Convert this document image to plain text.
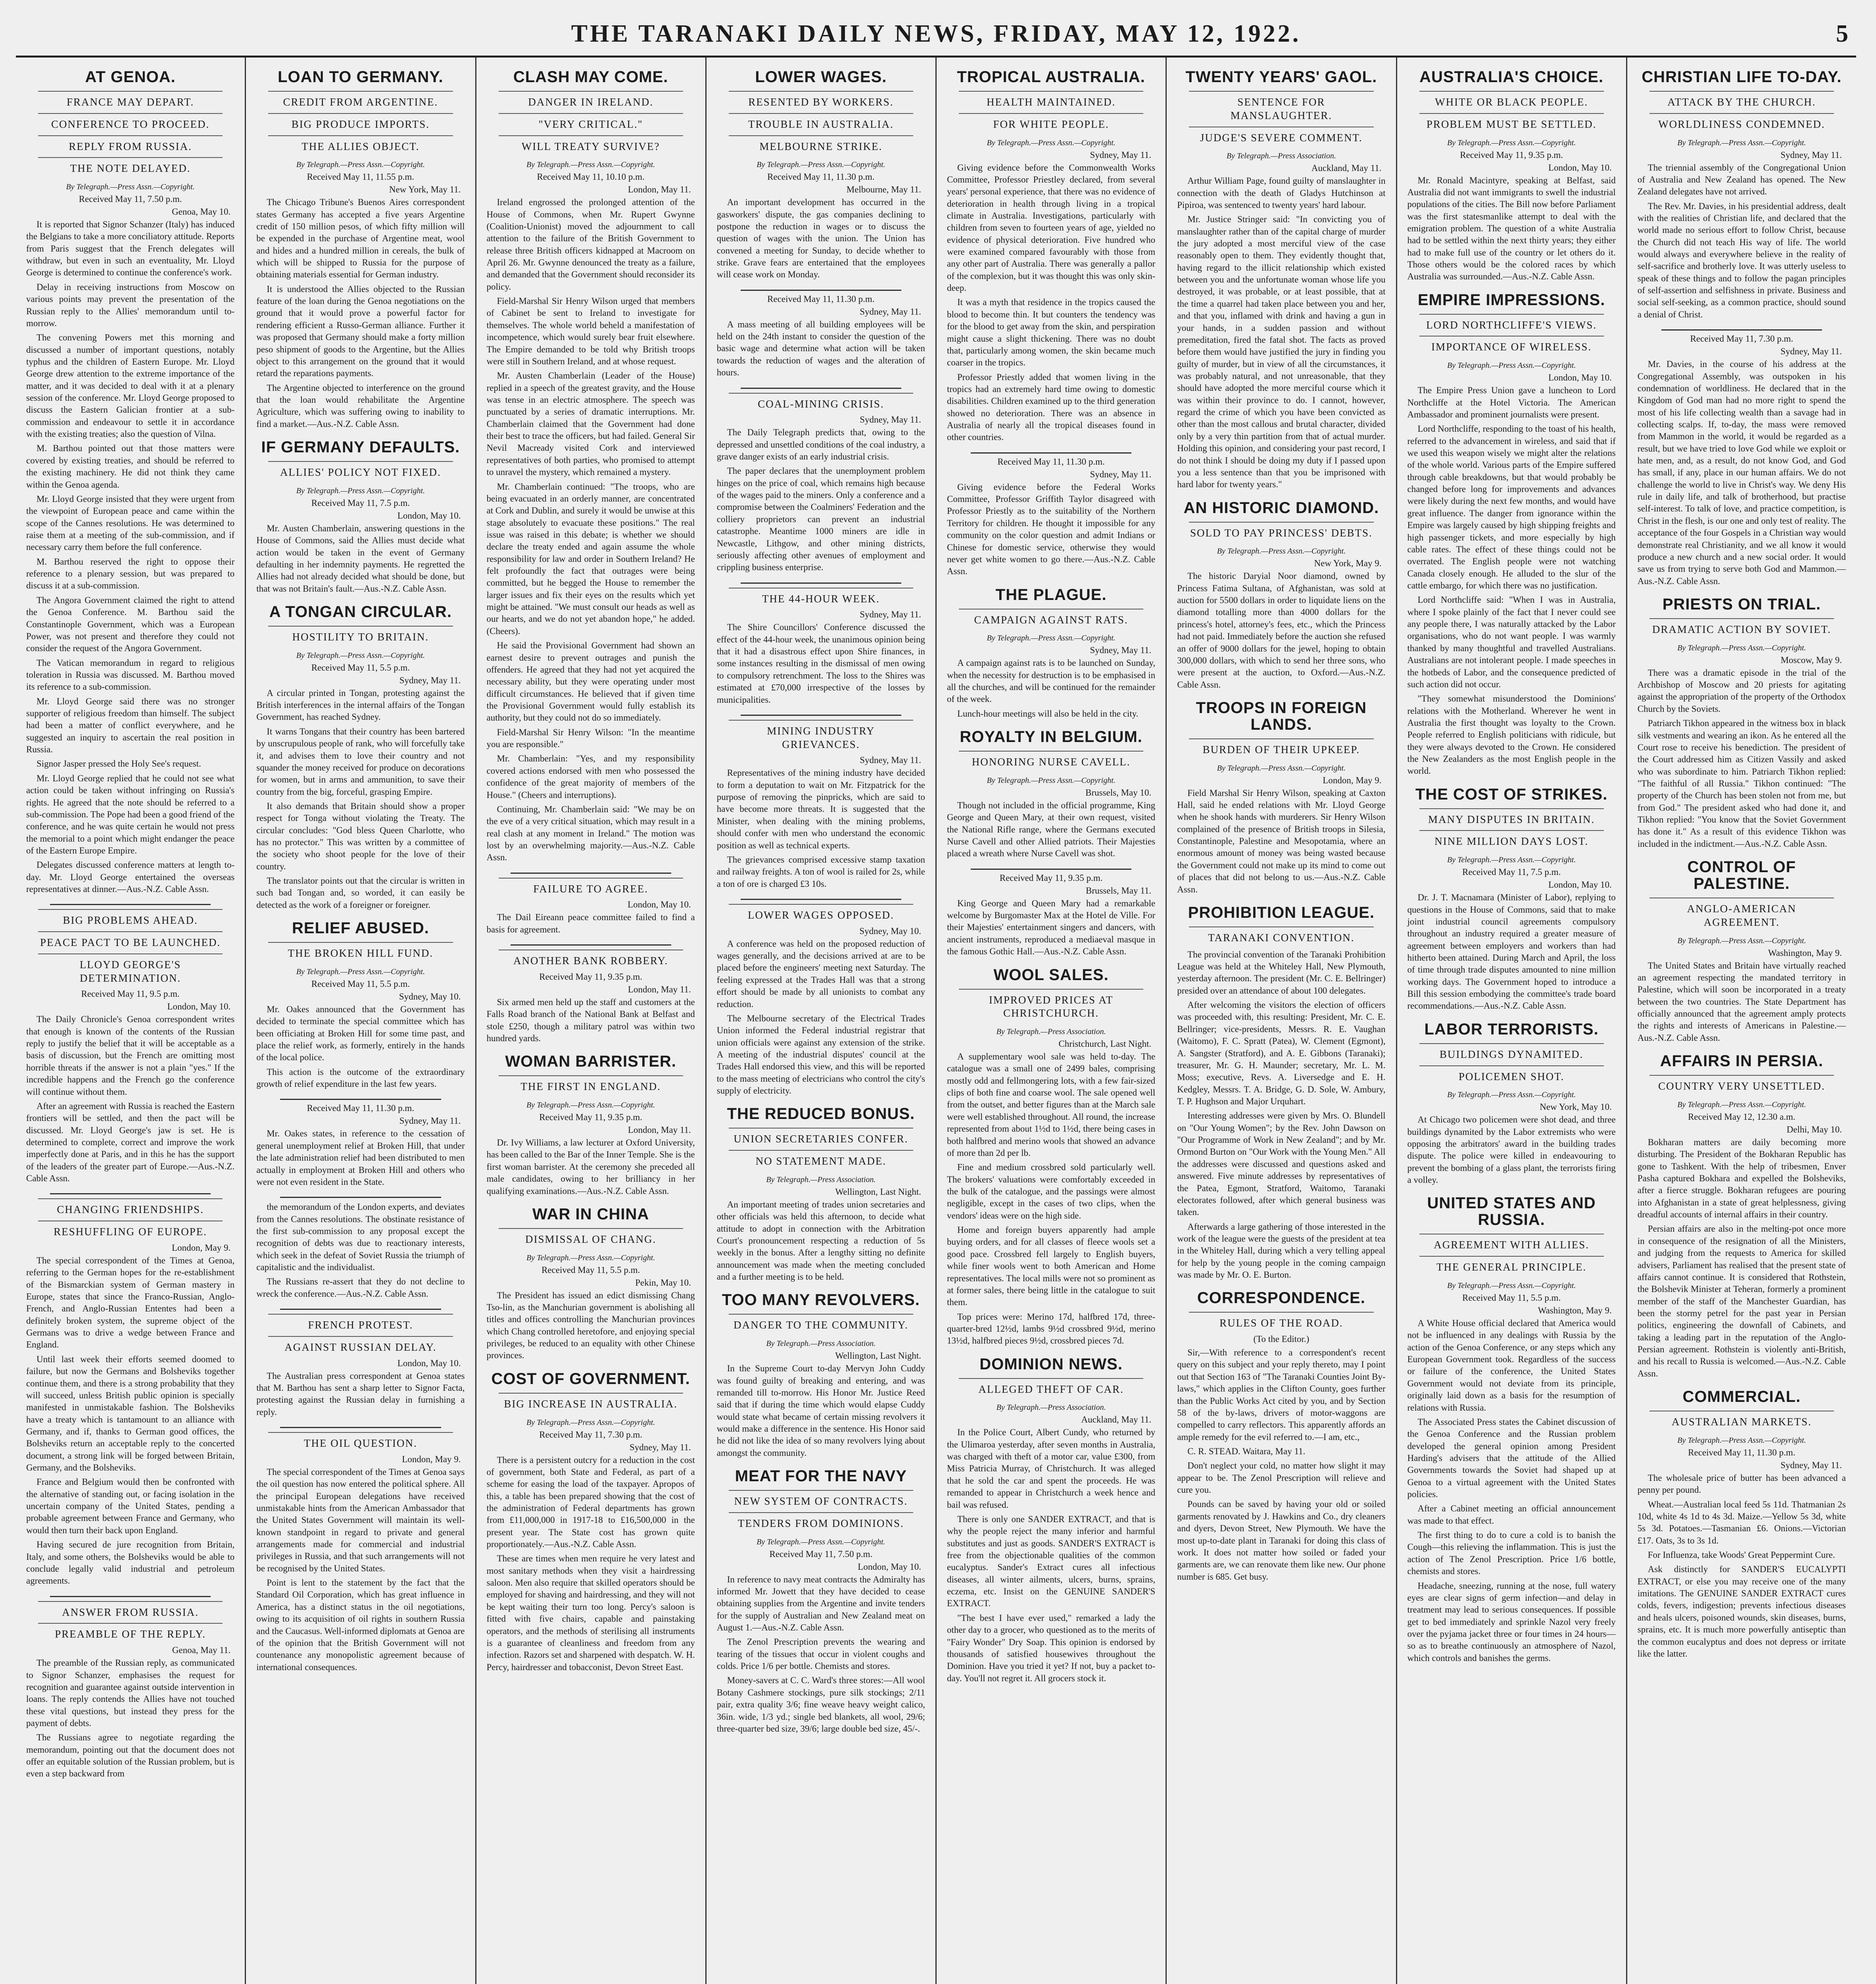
THE TARANAKI DAILY NEWS, FRIDAY, MAY 12, 1922.	5
AT GENOA.
FRANCE MAY DEPART.
CONFERENCE TO PROCEED.
REPLY FROM RUSSIA.
THE NOTE DELAYED.
By Telegraph.—Press Assn.—Copyright.
Received May 11, 7.50 p.m.
Genoa, May 10.

It is reported that Signor Schanzer (Italy) has induced the Belgians to take a more conciliatory attitude. Reports from Paris suggest that the French delegates will withdraw, but even in such an eventuality, Mr. Lloyd George is determined to continue the conference's work.

Delay in receiving instructions from Moscow on various points may prevent the presentation of the Russian reply to the Allies' memorandum until to-morrow.

The convening Powers met this morning and discussed a number of important questions, notably typhus and the children of Eastern Europe. Mr. Lloyd George drew attention to the extreme importance of the matter, and it was decided to deal with it at a plenary session of the conference. Mr. Lloyd George proposed to discuss the Eastern Galician frontier at a sub-commission and endeavour to settle it in accordance with the existing treaties; also the question of Vilna.

M. Barthou pointed out that those matters were covered by existing treaties, and should be referred to the existing machinery. He did not think they came within the Genoa agenda.

Mr. Lloyd George insisted that they were urgent from the viewpoint of European peace and came within the scope of the Cannes resolutions. He was determined to raise them at a meeting of the sub-commission, and if necessary carry them before the full conference.

M. Barthou reserved the right to oppose their reference to a plenary session, but was prepared to discuss it at a sub-commission.

The Angora Government claimed the right to attend the Genoa Conference. M. Barthou said the Constantinople Government, which was a European Power, was not present and therefore they could not consider the request of the Angora Government.

The Vatican memorandum in regard to religious toleration in Russia was discussed. M. Barthou moved its reference to a sub-commission.

Mr. Lloyd George said there was no stronger supporter of religious freedom than himself. The subject had been a matter of conflict everywhere, and he suggested an inquiry to ascertain the real position in Russia.

Signor Jasper pressed the Holy See's request.

Mr. Lloyd George replied that he could not see what action could be taken without infringing on Russia's rights. He agreed that the note should be referred to a sub-commission. The Pope had been a good friend of the conference, and he was quite certain he would not press the memorial to a point which might endanger the peace of the Eastern Europe Empire.

Delegates discussed conference matters at length to-day. Mr. Lloyd George entertained the overseas representatives at dinner.—Aus.-N.Z. Cable Assn.

BIG PROBLEMS AHEAD.
PEACE PACT TO BE LAUNCHED.
LLOYD GEORGE'S DETERMINATION.
Received May 11, 9.5 p.m.
London, May 10.

The Daily Chronicle's Genoa correspondent writes that enough is known of the contents of the Russian reply to justify the belief that it will be acceptable as a basis of discussion, but the French are omitting most horrible threats if the answer is not a plain "yes." If the incredible happens and the French go the conference will continue without them.

After an agreement with Russia is reached the Eastern frontiers will be settled, and then the pact will be discussed. Mr. Lloyd George's jaw is set. He is determined to complete, correct and improve the work imperfectly done at Paris, and in this he has the support of the leaders of the greater part of Europe.—Aus.-N.Z. Cable Assn.

CHANGING FRIENDSHIPS.
RESHUFFLING OF EUROPE.
London, May 9.

The special correspondent of the Times at Genoa, referring to the German hopes for the re-establishment of the Bismarckian system of German mastery in Europe, states that since the Franco-Russian, Anglo-French, and Anglo-Russian Ententes had been a definitely broken system, the supreme object of the Germans was to drive a wedge between France and England.

Until last week their efforts seemed doomed to failure, but now the Germans and Bolsheviks together continue them, and there is a strong probability that they will succeed, unless British public opinion is specially manifested in unmistakable fashion. The Bolsheviks have a treaty which is tantamount to an alliance with Germany, and if, thanks to German good offices, the Bolsheviks return an acceptable reply to the concerted document, a strong link will be forged between Britain, Germany, and the Bolsheviks.

France and Belgium would then be confronted with the alternative of standing out, or facing isolation in the uncertain company of the United States, pending a probable agreement between France and Germany, who would then turn their back upon England.

Having secured de jure recognition from Britain, Italy, and some others, the Bolsheviks would be able to conclude legally valid industrial and petroleum agreements.

ANSWER FROM RUSSIA.
PREAMBLE OF THE REPLY.
Genoa, May 11.

The preamble of the Russian reply, as communicated to Signor Schanzer, emphasises the request for recognition and guarantee against outside intervention in loans. The reply contends the Allies have not touched these vital questions, but instead they press for the payment of debts.

The Russians agree to negotiate regarding the memorandum, pointing out that the document does not offer an equitable solution of the Russian problem, but is even a step backward from

LOAN TO GERMANY.
CREDIT FROM ARGENTINE.
BIG PRODUCE IMPORTS.
THE ALLIES OBJECT.
By Telegraph.—Press Assn.—Copyright.
Received May 11, 11.55 p.m.
New York, May 11.

The Chicago Tribune's Buenos Aires correspondent states Germany has accepted a five years Argentine credit of 150 million pesos, of which fifty million will be expended in the purchase of Argentine meat, wool and hides and a hundred million in cereals, the bulk of which will be shipped to Russia for the purpose of obtaining materials essential for German industry.

It is understood the Allies objected to the Russian feature of the loan during the Genoa negotiations on the ground that it would prove a powerful factor for rendering efficient a Russo-German alliance. Further it was proposed that Germany should make a forty million peso shipment of goods to the Argentine, but the Allies object to this arrangement on the ground that it would retard the reparations payments.

The Argentine objected to interference on the ground that the loan would rehabilitate the Argentine Agriculture, which was suffering owing to inability to find a market.—Aus.-N.Z. Cable Assn.

IF GERMANY DEFAULTS.
ALLIES' POLICY NOT FIXED.
By Telegraph.—Press Assn.—Copyright.
Received May 11, 7.5 p.m.
London, May 10.

Mr. Austen Chamberlain, answering questions in the House of Commons, said the Allies must decide what action would be taken in the event of Germany defaulting in her indemnity payments. He regretted the Allies had not already decided what should be done, but that was not Britain's fault.—Aus.-N.Z. Cable Assn.

A TONGAN CIRCULAR.
HOSTILITY TO BRITAIN.
By Telegraph.—Press Assn.—Copyright.
Received May 11, 5.5 p.m.
Sydney, May 11.

A circular printed in Tongan, protesting against the British interferences in the internal affairs of the Tongan Government, has reached Sydney.

It warns Tongans that their country has been bartered by unscrupulous people of rank, who will forcefully take it, and advises them to love their country and not squander the money received for produce on decorations for women, but in arms and ammunition, to save their country from the big, forceful, grasping Empire.

It also demands that Britain should show a proper respect for Tonga without violating the Treaty. The circular concludes: "God bless Queen Charlotte, who has no protector." This was written by a committee of the society who shoot people for the love of their country.

The translator points out that the circular is written in such bad Tongan and, so worded, it can easily be detected as the work of a foreigner or foreigner.

RELIEF ABUSED.
THE BROKEN HILL FUND.
By Telegraph.—Press Assn.—Copyright.
Received May 11, 5.5 p.m.
Sydney, May 10.

Mr. Oakes announced that the Government has decided to terminate the special committee which has been officiating at Broken Hill for some time past, and place the relief work, as formerly, entirely in the hands of the local police.

This action is the outcome of the extraordinary growth of relief expenditure in the last few years.

Received May 11, 11.30 p.m.
Sydney, May 11.

Mr. Oakes states, in reference to the cessation of general unemployment relief at Broken Hill, that under the late administration relief had been distributed to men actually in employment at Broken Hill and others who were not even resident in the State.

the memorandum of the London experts, and deviates from the Cannes resolutions. The obstinate resistance of the first sub-commission to any proposal except the recognition of debts was due to reactionary interests, which seek in the defeat of Soviet Russia the triumph of capitalistic and the individualist.

The Russians re-assert that they do not decline to wreck the conference.—Aus.-N.Z. Cable Assn.

FRENCH PROTEST.
AGAINST RUSSIAN DELAY.
London, May 10.

The Australian press correspondent at Genoa states that M. Barthou has sent a sharp letter to Signor Facta, protesting against the Russian delay in furnishing a reply.

THE OIL QUESTION.
London, May 9.

The special correspondent of the Times at Genoa says the oil question has now entered the political sphere. All the principal European delegations have received unmistakable hints from the American Ambassador that the United States Government will maintain its well-known standpoint in regard to private and general arrangements made for commercial and industrial privileges in Russia, and that such arrangements will not be recognised by the United States.

Point is lent to the statement by the fact that the Standard Oil Corporation, which has great influence in America, has a distinct status in the oil negotiations, owing to its acquisition of oil rights in southern Russia and the Caucasus. Well-informed diplomats at Genoa are of the opinion that the British Government will not countenance any monopolistic agreement because of international consequences.

CLASH MAY COME.
DANGER IN IRELAND.
"VERY CRITICAL."
WILL TREATY SURVIVE?
By Telegraph.—Press Assn.—Copyright.
Received May 11, 10.10 p.m.
London, May 11.

Ireland engrossed the prolonged attention of the House of Commons, when Mr. Rupert Gwynne (Coalition-Unionist) moved the adjournment to call attention to the failure of the British Government to release three British officers kidnapped at Macroom on April 26. Mr. Gwynne denounced the treaty as a failure, and demanded that the Government should reconsider its policy.

Field-Marshal Sir Henry Wilson urged that members of Cabinet be sent to Ireland to investigate for themselves. The whole world beheld a manifestation of incompetence, which would surely bear fruit elsewhere. The Empire demanded to be told why British troops were still in Southern Ireland, and at whose request.

Mr. Austen Chamberlain (Leader of the House) replied in a speech of the greatest gravity, and the House was tense in an electric atmosphere. The speech was punctuated by a series of dramatic interruptions. Mr. Chamberlain claimed that the Government had done their best to trace the officers, but had failed. General Sir Nevil Macready visited Cork and interviewed representatives of both parties, who promised to attempt to unravel the mystery, which remained a mystery.

Mr. Chamberlain continued: "The troops, who are being evacuated in an orderly manner, are concentrated at Cork and Dublin, and surely it would be unwise at this stage absolutely to evacuate these positions." The real issue was raised in this debate; is whether we should declare the treaty ended and again assume the whole responsibility for law and order in Southern Ireland? He felt profoundly the fact that outrages were being committed, but he begged the House to remember the larger issues and fix their eyes on the results which yet might be attained. "We must consult our heads as well as our hearts, and we do not yet abandon hope," he added. (Cheers).

He said the Provisional Government had shown an earnest desire to prevent outrages and punish the offenders. He agreed that they had not yet acquired the necessary ability, but they were operating under most difficult circumstances. He believed that if given time the Provisional Government would fully establish its authority, but they could not do so immediately.

Field-Marshal Sir Henry Wilson: "In the meantime you are responsible."

Mr. Chamberlain: "Yes, and my responsibility covered actions endorsed with men who possessed the confidence of the great majority of members of the House." (Cheers and interruptions).

Continuing, Mr. Chamberlain said: "We may be on the eve of a very critical situation, which may result in a real clash at any moment in Ireland." The motion was lost by an overwhelming majority.—Aus.-N.Z. Cable Assn.

FAILURE TO AGREE.
London, May 10.

The Dail Eireann peace committee failed to find a basis for agreement.

ANOTHER BANK ROBBERY.
Received May 11, 9.35 p.m.
London, May 11.

Six armed men held up the staff and customers at the Falls Road branch of the National Bank at Belfast and stole £250, though a military patrol was within two hundred yards.

WOMAN BARRISTER.
THE FIRST IN ENGLAND.
By Telegraph.—Press Assn.—Copyright.
Received May 11, 9.35 p.m.
London, May 11.

Dr. Ivy Williams, a law lecturer at Oxford University, has been called to the Bar of the Inner Temple. She is the first woman barrister. At the ceremony she preceded all male candidates, owing to her brilliancy in her qualifying examinations.—Aus.-N.Z. Cable Assn.

WAR IN CHINA
DISMISSAL OF CHANG.
By Telegraph.—Press Assn.—Copyright.
Received May 11, 5.5 p.m.
Pekin, May 10.

The President has issued an edict dismissing Chang Tso-lin, as the Manchurian government is abolishing all titles and offices controlling the Manchurian provinces which Chang controlled heretofore, and enjoying special privileges, be reduced to an equality with other Chinese provinces.

COST OF GOVERNMENT.
BIG INCREASE IN AUSTRALIA.
By Telegraph.—Press Assn.—Copyright.
Received May 11, 7.30 p.m.
Sydney, May 11.

There is a persistent outcry for a reduction in the cost of government, both State and Federal, as part of a scheme for easing the load of the taxpayer. Apropos of this, a table has been prepared showing that the cost of the administration of Federal departments has grown from £11,000,000 in 1917-18 to £16,500,000 in the present year. The State cost has grown quite proportionately.—Aus.-N.Z. Cable Assn.

These are times when men require he very latest and most sanitary methods when they visit a hairdressing saloon. Men also require that skilled operators should be employed for shaving and hairdressing, and they will not be kept waiting their turn too long. Percy's saloon is fitted with five chairs, capable and painstaking operators, and the methods of sterilising all instruments is a guarantee of cleanliness and freedom from any infection. Razors set and sharpened with despatch. W. H. Percy, hairdresser and tobacconist, Devon Street East.

LOWER WAGES.
RESENTED BY WORKERS.
TROUBLE IN AUSTRALIA.
MELBOURNE STRIKE.
By Telegraph.—Press Assn.—Copyright.
Received May 11, 11.30 p.m.
Melbourne, May 11.

An important development has occurred in the gasworkers' dispute, the gas companies declining to postpone the reduction in wages or to discuss the question of wages with the union. The Union has convened a meeting for Sunday, to decide whether to strike. Grave fears are entertained that the employees will cease work on Monday.

Received May 11, 11.30 p.m.
Sydney, May 11.

A mass meeting of all building employees will be held on the 24th instant to consider the question of the basic wage and determine what action will be taken towards the reduction of wages and the alteration of hours.

COAL-MINING CRISIS.
Sydney, May 11.

The Daily Telegraph predicts that, owing to the depressed and unsettled conditions of the coal industry, a grave danger exists of an early industrial crisis.

The paper declares that the unemployment problem hinges on the price of coal, which remains high because of the wages paid to the miners. Only a conference and a compromise between the Coalminers' Federation and the colliery proprietors can prevent an industrial catastrophe. Meantime 1000 miners are idle in Newcastle, Lithgow, and other mining districts, seriously affecting other avenues of employment and crippling business enterprise.

THE 44-HOUR WEEK.
Sydney, May 11.

The Shire Councillors' Conference discussed the effect of the 44-hour week, the unanimous opinion being that it had a disastrous effect upon Shire finances, in some instances resulting in the dismissal of men owing to compulsory retrenchment. The loss to the Shires was estimated at £70,000 irrespective of the losses by municipalities.

MINING INDUSTRY GRIEVANCES.
Sydney, May 11.

Representatives of the mining industry have decided to form a deputation to wait on Mr. Fitzpatrick for the purpose of removing the pinpricks, which are said to have become more threats. It is suggested that the Minister, when dealing with the mining problems, should confer with men who understand the economic position as well as technical experts.

The grievances comprised excessive stamp taxation and railway freights. A ton of wool is railed for 2s, while a ton of ore is charged £3 10s.

LOWER WAGES OPPOSED.
Sydney, May 10.

A conference was held on the proposed reduction of wages generally, and the decisions arrived at are to be placed before the engineers' meeting next Saturday. The feeling expressed at the Trades Hall was that a strong effort should be made by all unionists to combat any reduction.

The Melbourne secretary of the Electrical Trades Union informed the Federal industrial registrar that union officials were against any extension of the strike. A meeting of the industrial disputes' council at the Trades Hall endorsed this view, and this will be reported to the mass meeting of electricians who control the city's supply of electricity.

THE REDUCED BONUS.
UNION SECRETARIES CONFER.
NO STATEMENT MADE.
By Telegraph.—Press Association.
Wellington, Last Night.

An important meeting of trades union secretaries and other officials was held this afternoon, to decide what attitude to adopt in connection with the Arbitration Court's pronouncement respecting a reduction of 5s weekly in the bonus. After a lengthy sitting no definite announcement was made when the meeting concluded and a further meeting is to be held.

TOO MANY REVOLVERS.
DANGER TO THE COMMUNITY.
By Telegraph.—Press Association.
Wellington, Last Night.

In the Supreme Court to-day Mervyn John Cuddy was found guilty of breaking and entering, and was remanded till to-morrow. His Honor Mr. Justice Reed said that if during the time which would elapse Cuddy would state what became of certain missing revolvers it would make a difference in the sentence. His Honor said he did not like the idea of so many revolvers lying about amongst the community.

MEAT FOR THE NAVY
NEW SYSTEM OF CONTRACTS.
TENDERS FROM DOMINIONS.
By Telegraph.—Press Assn.—Copyright.
Received May 11, 7.50 p.m.
London, May 10.

In reference to navy meat contracts the Admiralty has informed Mr. Jowett that they have decided to cease obtaining supplies from the Argentine and invite tenders for the supply of Australian and New Zealand meat on August 1.—Aus.-N.Z. Cable Assn.

The Zenol Prescription prevents the wearing and tearing of the tissues that occur in violent coughs and colds. Price 1/6 per bottle. Chemists and stores.

Money-savers at C. C. Ward's three stores:—All wool Botany Cashmere stockings, pure silk stockings; 2/11 pair, extra quality 3/6; fine weave heavy weight calico, 36in. wide, 1/3 yd.; single bed blankets, all wool, 29/6; three-quarter bed size, 39/6; large double bed size, 45/-.

TROPICAL AUSTRALIA.
HEALTH MAINTAINED.
FOR WHITE PEOPLE.
By Telegraph.—Press Assn.—Copyright.
Sydney, May 11.

Giving evidence before the Commonwealth Works Committee, Professor Priestley declared, from several years' personal experience, that there was no evidence of deterioration in health through living in a tropical climate in Australia. Investigations, particularly with children from seven to fourteen years of age, yielded no evidence of physical deterioration. Five hundred who were examined compared favourably with those from any other part of Australia. There was generally a pallor of the complexion, but it was thought this was only skin-deep.

It was a myth that residence in the tropics caused the blood to become thin. It but counters the tendency was for the blood to get away from the skin, and perspiration might cause a slight thickening. There was no doubt that, particularly among women, the skin became much coarser in the tropics.

Professor Priestly added that women living in the tropics had an extremely hard time owing to domestic disabilities. Children examined up to the third generation showed no deterioration. There was an absence in Australia of nearly all the tropical diseases found in other countries.

Received May 11, 11.30 p.m.
Sydney, May 11.

Giving evidence before the Federal Works Committee, Professor Griffith Taylor disagreed with Professor Priestly as to the suitability of the Northern Territory for children. He thought it impossible for any community on the color question and admit Indians or Chinese for domestic service, otherwise they would never get white women to go there.—Aus.-N.Z. Cable Assn.

THE PLAGUE.
CAMPAIGN AGAINST RATS.
By Telegraph.—Press Assn.—Copyright.
Sydney, May 11.

A campaign against rats is to be launched on Sunday, when the necessity for destruction is to be emphasised in all the churches, and will be continued for the remainder of the week.

Lunch-hour meetings will also be held in the city.

ROYALTY IN BELGIUM.
HONORING NURSE CAVELL.
By Telegraph.—Press Assn.—Copyright.
Brussels, May 10.

Though not included in the official programme, King George and Queen Mary, at their own request, visited the National Rifle range, where the Germans executed Nurse Cavell and other Allied patriots. Their Majesties placed a wreath where Nurse Cavell was shot.

Received May 11, 9.35 p.m.
Brussels, May 11.

King George and Queen Mary had a remarkable welcome by Burgomaster Max at the Hotel de Ville. For their Majesties' entertainment singers and dancers, with ancient instruments, reproduced a mediaeval masque in the famous Gothic Hall.—Aus.-N.Z. Cable Assn.

WOOL SALES.
IMPROVED PRICES AT CHRISTCHURCH.
By Telegraph.—Press Association.
Christchurch, Last Night.

A supplementary wool sale was held to-day. The catalogue was a small one of 2499 bales, comprising mostly odd and fellmongering lots, with a few fair-sized clips of both fine and coarse wool. The sale opened well from the outset, and better figures than at the March sale were well established throughout. All round, the increase represented from about 1½d to 1½d, there being cases in both halfbred and merino wools that showed an advance of more than 2d per lb.

Fine and medium crossbred sold particularly well. The brokers' valuations were comfortably exceeded in the bulk of the catalogue, and the passings were almost negligible, except in the cases of two clips, when the vendors' ideas were on the high side.

Home and foreign buyers apparently had ample buying orders, and for all classes of fleece wools set a good pace. Crossbred fell largely to English buyers, while finer wools went to both American and Home representatives. The local mills were not so prominent as at former sales, there being little in the catalogue to suit them.

Top prices were: Merino 17d, halfbred 17d, three-quarter-bred 12½d, lambs 9½d crossbred 9½d, merino 13½d, halfbred pieces 9½d, crossbred pieces 7d.

DOMINION NEWS.
ALLEGED THEFT OF CAR.
By Telegraph.—Press Association.
Auckland, May 11.

In the Police Court, Albert Cundy, who returned by the Ulimaroa yesterday, after seven months in Australia, was charged with theft of a motor car, value £300, from Miss Patricia Murray, of Christchurch. It was alleged that he sold the car and spent the proceeds. He was remanded to appear in Christchurch a week hence and bail was refused.

There is only one SANDER EXTRACT, and that is why the people reject the many inferior and harmful substitutes and just as goods. SANDER'S EXTRACT is free from the objectionable qualities of the common eucalyptus. Sander's Extract cures all infectious diseases, all winter ailments, ulcers, burns, sprains, eczema, etc. Insist on the GENUINE SANDER'S EXTRACT.

"The best I have ever used," remarked a lady the other day to a grocer, who questioned as to the merits of "Fairy Wonder" Dry Soap. This opinion is endorsed by thousands of satisfied housewives throughout the Dominion. Have you tried it yet? If not, buy a packet to-day. You'll not regret it. All grocers stock it.

TWENTY YEARS' GAOL.
SENTENCE FOR MANSLAUGHTER.
JUDGE'S SEVERE COMMENT.
By Telegraph.—Press Association.
Auckland, May 11.

Arthur William Page, found guilty of manslaughter in connection with the death of Gladys Hutchinson at Pipiroa, was sentenced to twenty years' hard labour.

Mr. Justice Stringer said: "In convicting you of manslaughter rather than of the capital charge of murder the jury adopted a most merciful view of the case reasonably open to them. They evidently thought that, having regard to the illicit relationship which existed between you and the unfortunate woman whose life you destroyed, it was probable, or at least possible, that at the time a quarrel had taken place between you and her, and that you, inflamed with drink and having a gun in your hands, in a sudden passion and without premeditation, fired the fatal shot. The facts as proved before them would have justified the jury in finding you guilty of murder, but in view of all the circumstances, it was probably natural, and not unreasonable, that they should have adopted the more merciful course which it was within their province to do. I cannot, however, regard the crime of which you have been convicted as other than the most callous and brutal character, divided only by a very thin partition from that of actual murder. Holding this opinion, and considering your past record, I do not think I should be doing my duty if I passed upon you a less sentence than that you be imprisoned with hard labor for twenty years."

AN HISTORIC DIAMOND.
SOLD TO PAY PRINCESS' DEBTS.
By Telegraph.—Press Assn.—Copyright.
New York, May 9.

The historic Daryial Noor diamond, owned by Princess Fatima Sultana, of Afghanistan, was sold at auction for 5500 dollars in order to liquidate liens on the diamond totalling more than 4000 dollars for the princess's hotel, attorney's fees, etc., which the Princess had not paid. Immediately before the auction she refused an offer of 9000 dollars for the jewel, hoping to obtain 300,000 dollars, with which to send her three sons, who were present at the auction, to Oxford.—Aus.-N.Z. Cable Assn.

TROOPS IN FOREIGN LANDS.
BURDEN OF THEIR UPKEEP.
By Telegraph.—Press Assn.—Copyright.
London, May 9.

Field Marshal Sir Henry Wilson, speaking at Caxton Hall, said he ended relations with Mr. Lloyd George when he shook hands with murderers. Sir Henry Wilson complained of the presence of British troops in Silesia, Constantinople, Palestine and Mesopotamia, where an enormous amount of money was being wasted because the Government could not make up its mind to come out of places that did not belong to us.—Aus.-N.Z. Cable Assn.

PROHIBITION LEAGUE.
TARANAKI CONVENTION.

The provincial convention of the Taranaki Prohibition League was held at the Whiteley Hall, New Plymouth, yesterday afternoon. The president (Mr. C. E. Bellringer) presided over an attendance of about 100 delegates.

After welcoming the visitors the election of officers was proceeded with, this resulting: President, Mr. C. E. Bellringer; vice-presidents, Messrs. R. E. Vaughan (Waitomo), F. C. Spratt (Patea), W. Clement (Egmont), A. Sangster (Stratford), and A. E. Gibbons (Taranaki); treasurer, Mr. G. H. Maunder; secretary, Mr. L. M. Moss; executive, Revs. A. Liversedge and E. H. Kedgley, Messrs. T. A. Bridge, G. D. Sole, W. Ambury, T. P. Hughson and Major Urquhart.

Interesting addresses were given by Mrs. O. Blundell on "Our Young Women"; by the Rev. John Dawson on "Our Programme of Work in New Zealand"; and by Mr. Ormond Burton on "Our Work with the Young Men." All the addresses were discussed and questions asked and answered. Five minute addresses by representatives of the Patea, Egmont, Stratford, Waitomo, Taranaki electorates followed, after which general business was taken.

Afterwards a large gathering of those interested in the work of the league were the guests of the president at tea in the Whiteley Hall, during which a very telling appeal for help by the young people in the coming campaign was made by Mr. O. E. Burton.

CORRESPONDENCE.
RULES OF THE ROAD.
(To the Editor.)

Sir,—With reference to a correspondent's recent query on this subject and your reply thereto, may I point out that Section 163 of "The Taranaki Counties Joint By-laws," which applies in the Clifton County, goes further than the Public Works Act cited by you, and by Section 58 of the by-laws, drivers of motor-waggons are compelled to carry reflectors. This apparently affords an ample remedy for the evil referred to.—I am, etc.,

C. R. STEAD. Waitara, May 11.

Don't neglect your cold, no matter how slight it may appear to be. The Zenol Prescription will relieve and cure you.

Pounds can be saved by having your old or soiled garments renovated by J. Hawkins and Co., dry cleaners and dyers, Devon Street, New Plymouth. We have the most up-to-date plant in Taranaki for doing this class of work. It does not matter how soiled or faded your garments are, we can renovate them like new. Our phone number is 685. Get busy.

AUSTRALIA'S CHOICE.
WHITE OR BLACK PEOPLE.
PROBLEM MUST BE SETTLED.
By Telegraph.—Press Assn.—Copyright.
Received May 11, 9.35 p.m.
London, May 10.

Mr. Ronald Macintyre, speaking at Belfast, said Australia did not want immigrants to swell the industrial populations of the cities. The Bill now before Parliament was the first statesmanlike attempt to deal with the emigration problem. The question of a white Australia had to be settled within the next thirty years; they either had to make full use of the country or let others do it. Those others would be the colored races by which Australia was surrounded.—Aus.-N.Z. Cable Assn.

EMPIRE IMPRESSIONS.
LORD NORTHCLIFFE'S VIEWS.
IMPORTANCE OF WIRELESS.
By Telegraph.—Press Assn.—Copyright.
London, May 10.

The Empire Press Union gave a luncheon to Lord Northcliffe at the Hotel Victoria. The American Ambassador and prominent journalists were present.

Lord Northcliffe, responding to the toast of his health, referred to the advancement in wireless, and said that if we used this weapon wisely we might alter the relations of the whole world. Various parts of the Empire suffered through cable breakdowns, but that would probably be changed before long for improvements and advances were likely during the next few months, and would have great influence. The danger from ignorance within the Empire was largely caused by high shipping freights and high passenger tickets, and more especially by high cable rates. The effect of these things could not be overrated. The English people were not watching Canada closely enough. He alluded to the slur of the cattle embargo, for which there was no justification.

Lord Northcliffe said: "When I was in Australia, where I spoke plainly of the fact that I never could see any people there, I was naturally attacked by the Labor organisations, who do not want people. I was warmly thanked by many thoughtful and travelled Australians. Australians are not intolerant people. I made speeches in the hotbeds of Labor, and the consequence predicted of such action did not occur.

"They somewhat misunderstood the Dominions' relations with the Motherland. Wherever he went in Australia the first thought was loyalty to the Crown. People referred to English politicians with ridicule, but they were always devoted to the Crown. He considered the New Zealanders as the most English people in the world.

THE COST OF STRIKES.
MANY DISPUTES IN BRITAIN.
NINE MILLION DAYS LOST.
By Telegraph.—Press Assn.—Copyright.
Received May 11, 7.5 p.m.
London, May 10.

Dr. J. T. Macnamara (Minister of Labor), replying to questions in the House of Commons, said that to make joint industrial council agreements compulsory throughout an industry required a greater measure of agreement between employers and workers than had hitherto been attained. During March and April, the loss of time through trade disputes amounted to nine million working days. The Government hoped to introduce a Bill this session embodying the committee's trade board recommendations.—Aus.-N.Z. Cable Assn.

LABOR TERRORISTS.
BUILDINGS DYNAMITED.
POLICEMEN SHOT.
By Telegraph.—Press Assn.—Copyright.
New York, May 10.

At Chicago two policemen were shot dead, and three buildings dynamited by the Labor extremists who were opposing the arbitrators' award in the building trades dispute. The police were killed in endeavouring to prevent the bombing of a glass plant, the terrorists firing a volley.

UNITED STATES AND RUSSIA.
AGREEMENT WITH ALLIES.
THE GENERAL PRINCIPLE.
By Telegraph.—Press Assn.—Copyright.
Received May 11, 5.5 p.m.
Washington, May 9.

A White House official declared that America would not be influenced in any dealings with Russia by the action of the Genoa Conference, or any steps which any European Government took. Regardless of the success or failure of the conference, the United States Government would not deviate from its principle, originally laid down as a basis for the resumption of relations with Russia.

The Associated Press states the Cabinet discussion of the Genoa Conference and the Russian problem developed the general opinion among President Harding's advisers that the attitude of the Allied Governments towards the Soviet had shaped up at Genoa to a virtual agreement with the United States policies.

After a Cabinet meeting an official announcement was made to that effect.

The first thing to do to cure a cold is to banish the Cough—this relieving the inflammation. This is just the action of The Zenol Prescription. Price 1/6 bottle, chemists and stores.

Headache, sneezing, running at the nose, full watery eyes are clear signs of germ infection—and delay in treatment may lead to serious consequences. If possible get to bed immediately and sprinkle Nazol very freely over the pyjama jacket three or four times in 24 hours—so as to breathe continuously an atmosphere of Nazol, which controls and banishes the germs.

CHRISTIAN LIFE TO-DAY.
ATTACK BY THE CHURCH.
WORLDLINESS CONDEMNED.
By Telegraph.—Press Assn.—Copyright.
Sydney, May 11.

The triennial assembly of the Congregational Union of Australia and New Zealand has opened. The New Zealand delegates have not arrived.

The Rev. Mr. Davies, in his presidential address, dealt with the realities of Christian life, and declared that the world made no serious effort to follow Christ, because the Church did not teach His way of life. The world would always and everywhere believe in the reality of self-sacrifice and brotherly love. It was utterly useless to speak of these things and to follow the pagan principles of self-assertion and selfishness in private. Business and social self-seeking, as a common practice, should sound a denial of Christ.

Received May 11, 7.30 p.m.
Sydney, May 11.

Mr. Davies, in the course of his address at the Congregational Assembly, was outspoken in his condemnation of worldliness. He declared that in the Kingdom of God man had no more right to spend the most of his life collecting wealth than a savage had in collecting scalps. If, to-day, the mass were removed from Mammon in the world, it would be regarded as a result, but we have tried to love God while we exploit or hate men, and, as a result, do not know God, and God has small, if any, place in our human affairs. We do not challenge the world to live in Christ's way. We deny His rule in daily life, and talk of brotherhood, but practise self-interest. To talk of love, and practice competition, is Christ in the flesh, is our one and only test of reality. The acceptance of the four Gospels in a Christian way would demonstrate real Christianity, and we all know it would produce a new church and a new social order. It would save us from trying to serve both God and Mammon.—Aus.-N.Z. Cable Assn.

PRIESTS ON TRIAL.
DRAMATIC ACTION BY SOVIET.
By Telegraph.—Press Assn.—Copyright.
Moscow, May 9.

There was a dramatic episode in the trial of the Archbishop of Moscow and 20 priests for agitating against the appropriation of the property of the Orthodox Church by the Soviets.

Patriarch Tikhon appeared in the witness box in black silk vestments and wearing an ikon. As he entered all the Court rose to receive his benediction. The president of the Court addressed him as Citizen Vassily and asked who was subordinate to him. Patriarch Tikhon replied: "The faithful of all Russia." Tikhon continued: "The property of the Church has been stolen not from me, but from God." The president asked who had done it, and Tikhon replied: "You know that the Soviet Government has done it." As a result of this evidence Tikhon was included in the indictment.—Aus.-N.Z. Cable Assn.

CONTROL OF PALESTINE.
ANGLO-AMERICAN AGREEMENT.
By Telegraph.—Press Assn.—Copyright.
Washington, May 9.

The United States and Britain have virtually reached an agreement respecting the mandated territory in Palestine, which will soon be incorporated in a treaty between the two countries. The State Department has officially announced that the agreement amply protects the rights and interests of Americans in Palestine.—Aus.-N.Z. Cable Assn.

AFFAIRS IN PERSIA.
COUNTRY VERY UNSETTLED.
By Telegraph.—Press Assn.—Copyright.
Received May 12, 12.30 a.m.
Delhi, May 10.

Bokharan matters are daily becoming more disturbing. The President of the Bokharan Republic has gone to Tashkent. With the help of tribesmen, Enver Pasha captured Bokhara and expelled the Bolsheviks, after a fierce struggle. Bokharan refugees are pouring into Afghanistan in a state of great helplessness, giving dreadful accounts of internal affairs in their country.

Persian affairs are also in the melting-pot once more in consequence of the resignation of all the Ministers, and judging from the requests to America for skilled advisers, Parliament has realised that the present state of affairs cannot continue. It is considered that Rothstein, the Bolshevik Minister at Teheran, formerly a prominent member of the staff of the Manchester Guardian, has been the stormy petrel for the past year in Persian politics, engineering the downfall of Cabinets, and taking a leading part in the reputation of the Anglo-Persian agreement. Rothstein is violently anti-British, and his recall to Russia is welcomed.—Aus.-N.Z. Cable Assn.

COMMERCIAL.
AUSTRALIAN MARKETS.
By Telegraph.—Press Assn.—Copyright.
Received May 11, 11.30 p.m.
Sydney, May 11.

The wholesale price of butter has been advanced a penny per pound.

Wheat.—Australian local feed 5s 11d. Thatmanian 2s 10d, white 4s 1d to 4s 3d. Maize.—Yellow 5s 3d, white 5s 3d. Potatoes.—Tasmanian £6. Onions.—Victorian £17. Oats, 3s to 3s 1d.

For Influenza, take Woods' Great Peppermint Cure.

Ask distinctly for SANDER'S EUCALYPTI EXTRACT, or else you may receive one of the many imitations. The GENUINE SANDER EXTRACT cures colds, fevers, indigestion; prevents infectious diseases and heals ulcers, poisoned wounds, skin diseases, burns, sprains, etc. It is much more powerfully antiseptic than the common eucalyptus and does not depress or irritate like the latter.
